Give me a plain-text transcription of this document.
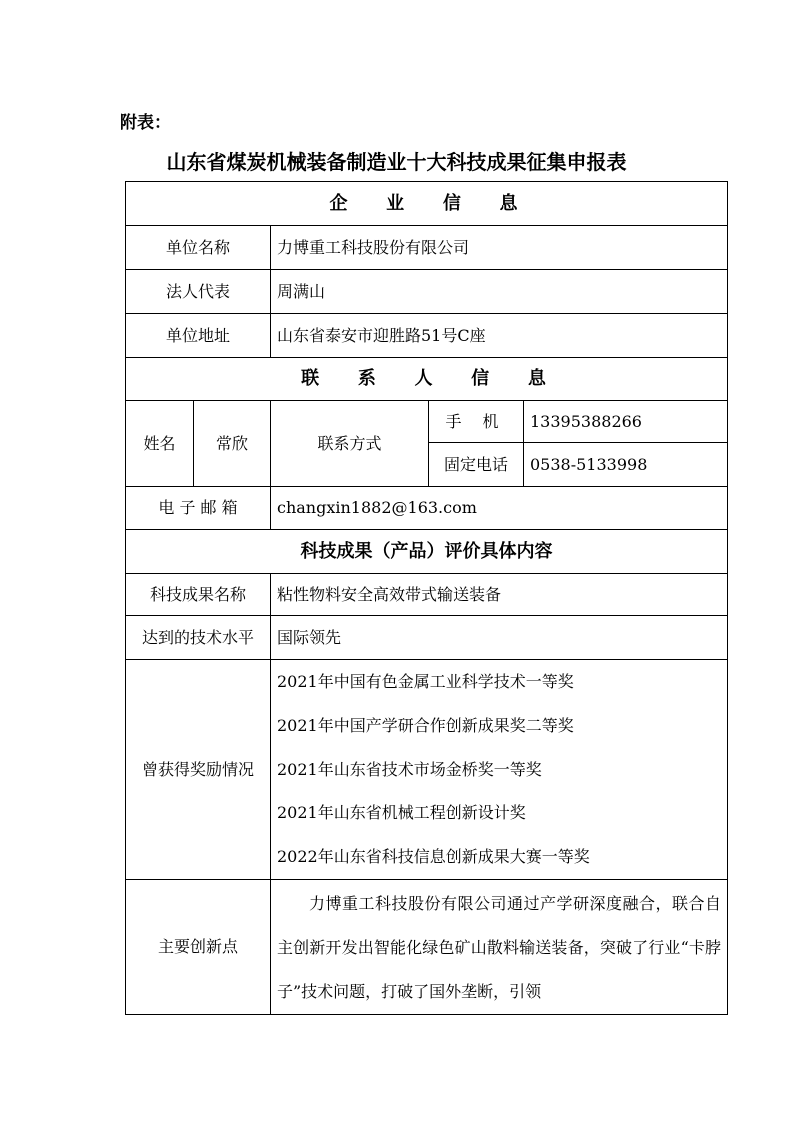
附表：
山东省煤炭机械装备制造业十大科技成果征集申报表
企 业 信 息				
单位名称		力博重工科技股份有限公司		
法人代表		周满山		
单位地址		山东省泰安市迎胜路51号C座		
联 系 人 信 息				
姓名	常欣	联系方式	手 机	13395388266
			固定电话	0538-5133998
电 子 邮 箱		changxin1882@163.com		
科技成果（产品）评价具体内容				
科技成果名称		粘性物料安全高效带式输送装备		
达到的技术水平		国际领先		
曾获得奖励情况		2021年中国有色金属工业科学技术一等奖
2021年中国产学研合作创新成果奖二等奖
2021年山东省技术市场金桥奖一等奖
2021年山东省机械工程创新设计奖
2022年山东省科技信息创新成果大赛一等奖		

主要创新点		力博重工科技股份有限公司通过产学研深度融合，联合自主创新开发出智能化绿色矿山散料输送装备，突破了行业“卡脖子”技术问题，打破了国外垄断，引领		
